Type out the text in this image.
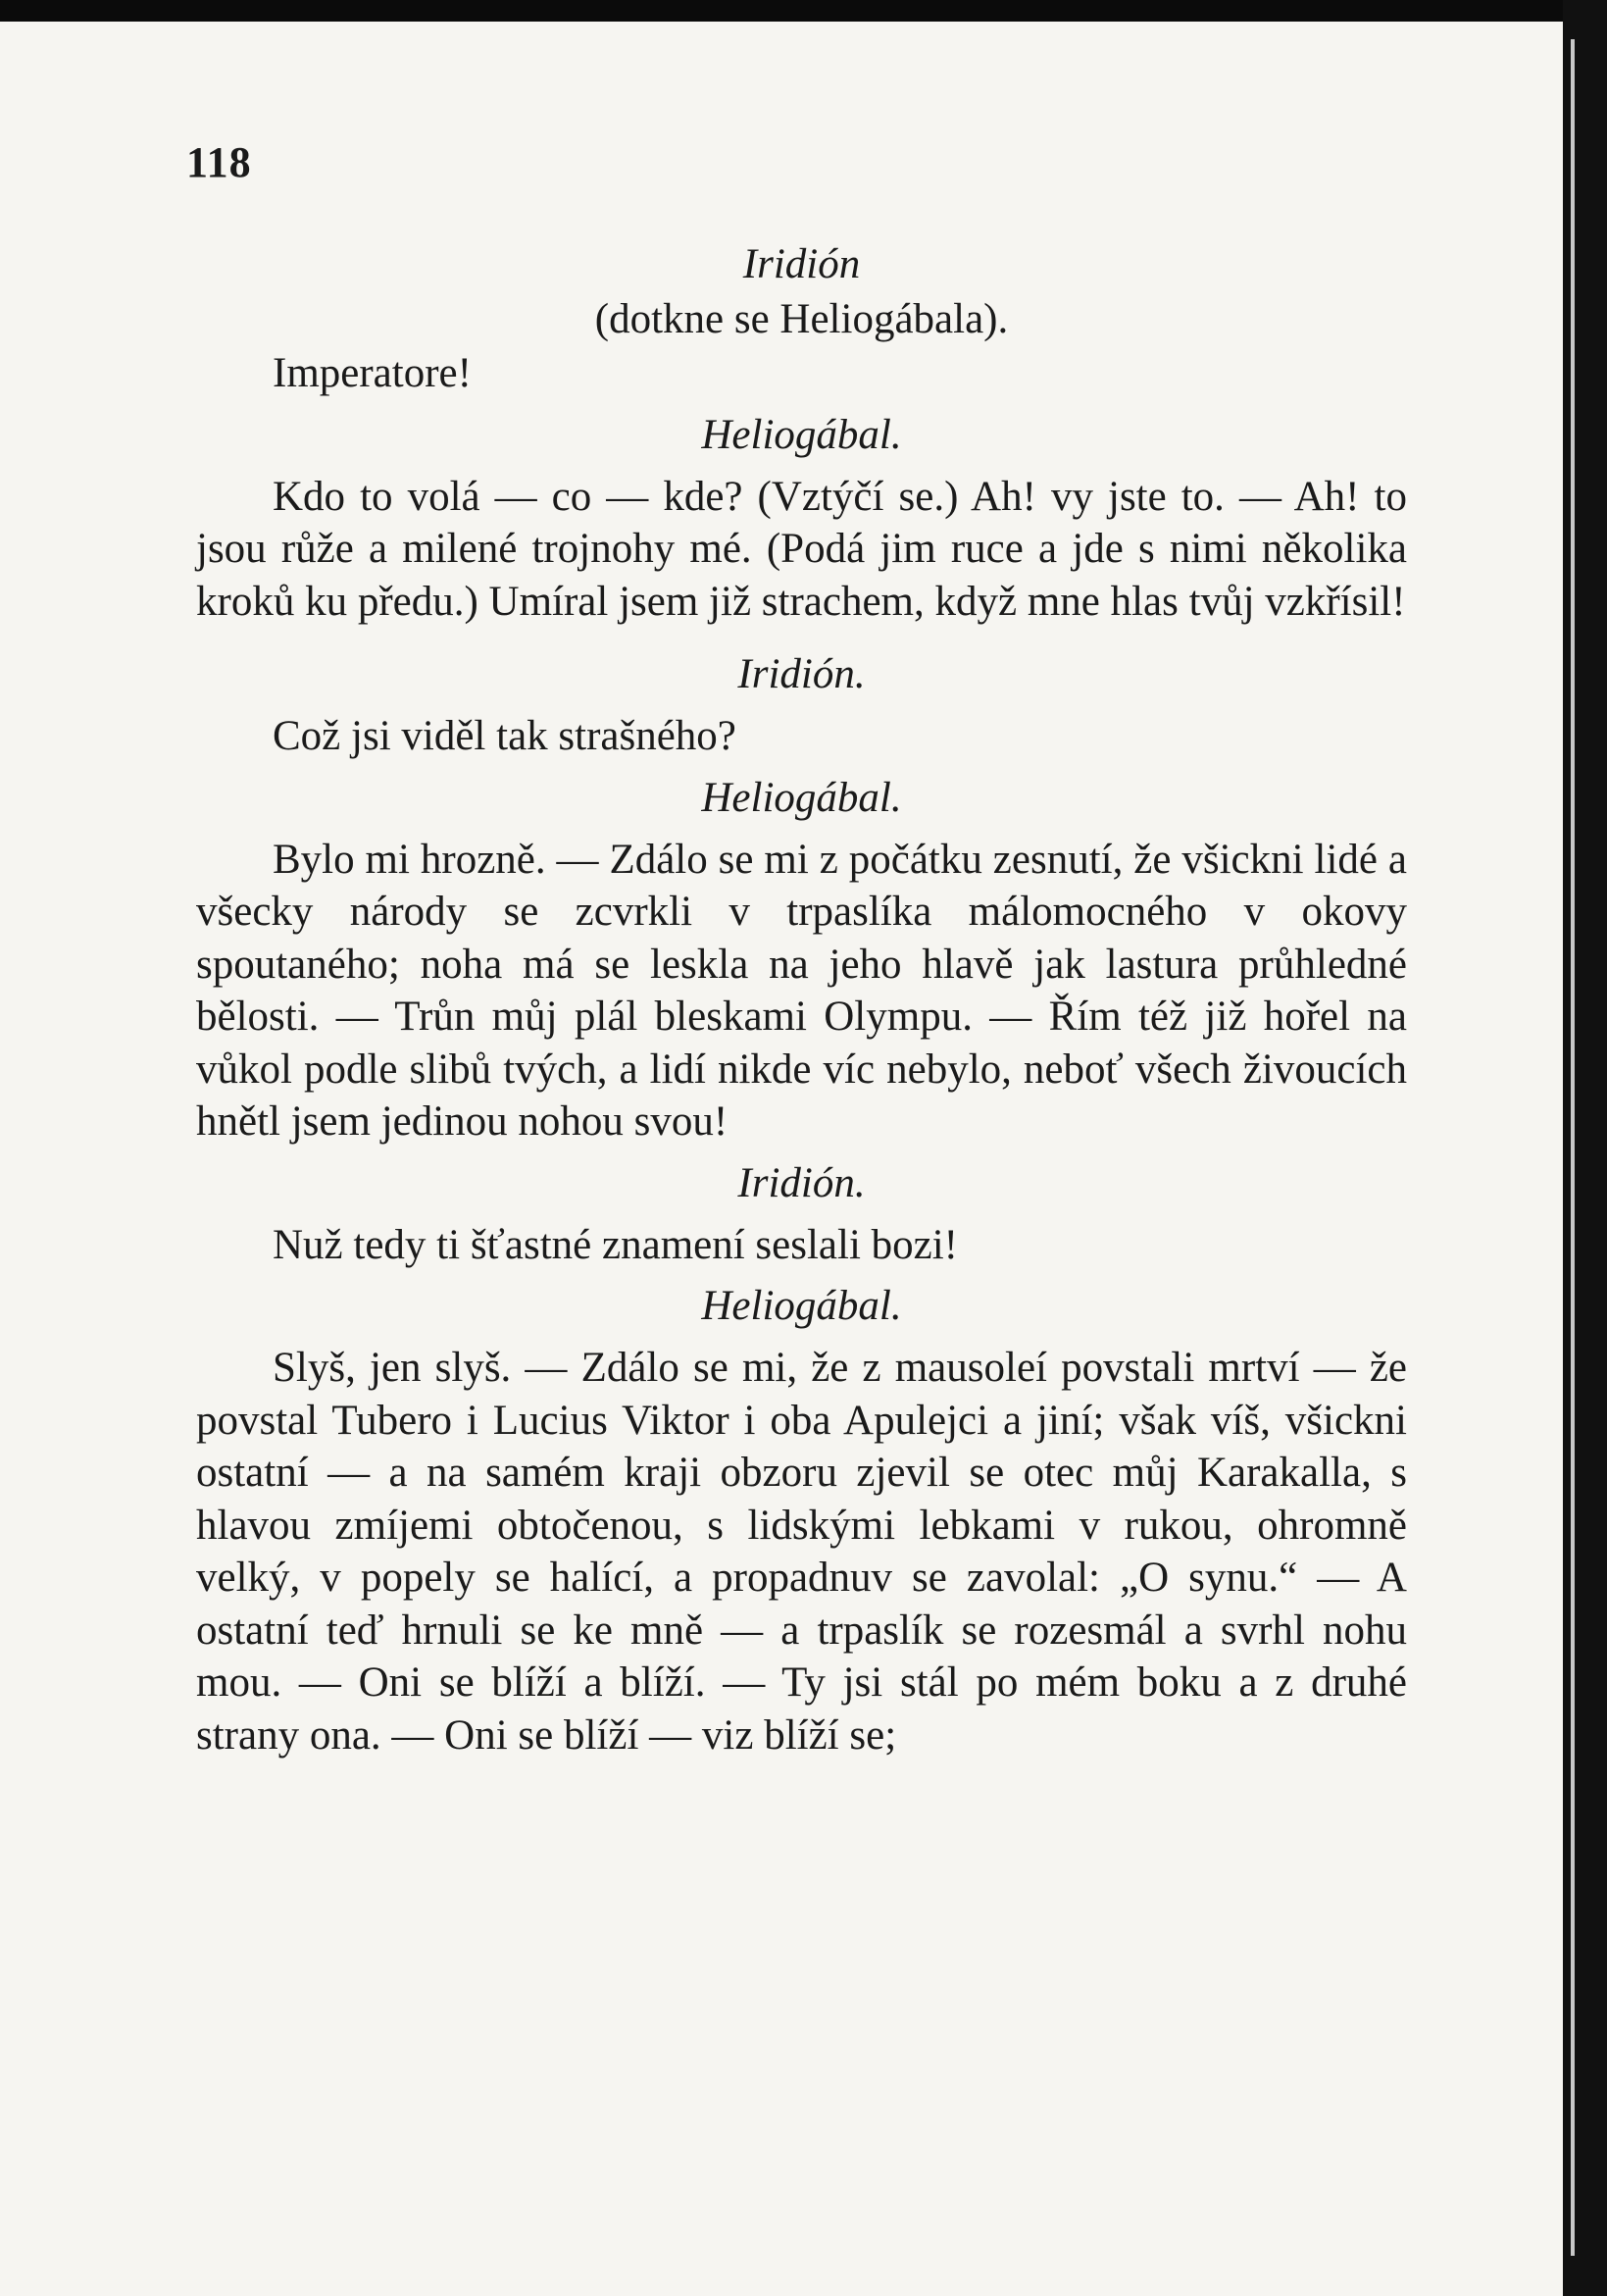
118
Iridión
(dotkne se Heliogábala).
Imperatore!
Heliogábal.

Kdo to volá — co — kde? (Vztýčí se.) Ah! vy jste to. — Ah! to jsou růže a milené trojnohy mé. (Podá jim ruce a jde s nimi několika kroků ku předu.) Umíral jsem již strachem, když mne hlas tvůj vzkřísil!

Iridión.
Což jsi viděl tak strašného?
Heliogábal.

Bylo mi hrozně. — Zdálo se mi z počátku zesnutí, že všickni lidé a všecky národy se zcvrkli v trpaslíka málomocného v okovy spoutaného; noha má se leskla na jeho hlavě jak lastura průhledné bělosti. — Trůn můj plál bleskami Olympu. — Řím též již hořel na vůkol podle slibů tvých, a lidí nikde víc nebylo, neboť všech živoucích hnětl jsem jedinou nohou svou!

Iridión.
Nuž tedy ti šťastné znamení seslali bozi!
Heliogábal.

Slyš, jen slyš. — Zdálo se mi, že z mausoleí povstali mrtví — že povstal Tubero i Lucius Viktor i oba Apulejci a jiní; však víš, všickni ostatní — a na samém kraji obzoru zjevil se otec můj Karakalla, s hlavou zmíjemi obtočenou, s lidskými lebkami v rukou, ohromně velký, v popely se halící, a propadnuv se zavolal: „O synu.“ — A ostatní teď hrnuli se ke mně — a trpaslík se rozesmál a svrhl nohu mou. — Oni se blíží a blíží. — Ty jsi stál po mém boku a z druhé strany ona. — Oni se blíží — viz blíží se;
